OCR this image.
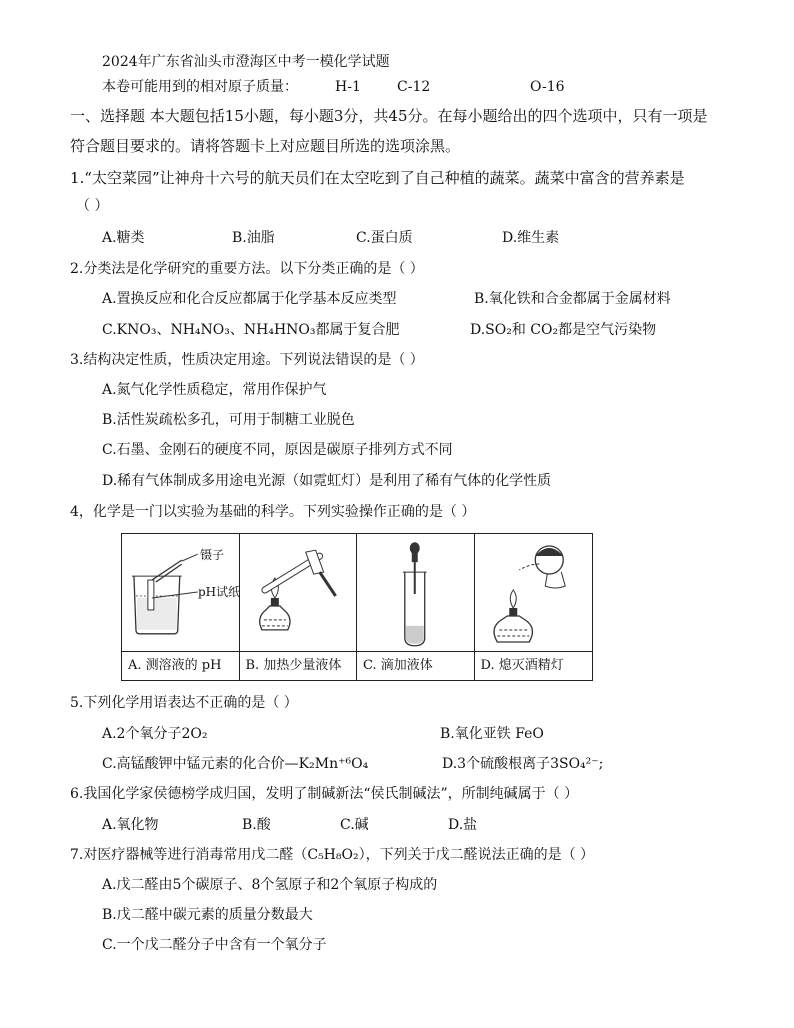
2024年广东省汕头市澄海区中考一模化学试题
本卷可能用到的相对原子质量：	H-1	C-12	O-16
一、选择题 本大题包括15小题，每小题3分，共45分。在每小题给出的四个选项中，只有一项是
符合题目要求的。请将答题卡上对应题目所选的选项涂黑。
1.“太空菜园”让神舟十六号的航天员们在太空吃到了自己种植的蔬菜。蔬菜中富含的营养素是
（ ）
A.糖类	B.油脂	C.蛋白质	D.维生素
2.分类法是化学研究的重要方法。以下分类正确的是（ ）
A.置换反应和化合反应都属于化学基本反应类型	B.氧化铁和合金都属于金属材料
C.KNO₃、NH₄NO₃、NH₄HNO₃都属于复合肥	D.SO₂和 CO₂都是空气污染物
3.结构决定性质，性质决定用途。下列说法错误的是（ ）
A.氮气化学性质稳定，常用作保护气
B.活性炭疏松多孔，可用于制糖工业脱色
C.石墨、金刚石的硬度不同，原因是碳原子排列方式不同
D.稀有气体制成多用途电光源（如霓虹灯）是利用了稀有气体的化学性质
4，化学是一门以实验为基础的科学。下列实验操作正确的是（ ）
镊子
pH试纸
A. 测溶液的 pH	B. 加热少量液体	C. 滴加液体	D. 熄灭酒精灯
5.下列化学用语表达不正确的是（ ）
A.2个氧分子2O₂	B.氧化亚铁 FeO
C.高锰酸钾中锰元素的化合价—K₂Mn⁺⁶O₄	D.3个硫酸根离子3SO₄²⁻;
6.我国化学家侯德榜学成归国，发明了制碱新法“侯氏制碱法”，所制纯碱属于（ ）
A.氧化物	B.酸	C.碱	D.盐
7.对医疗器械等进行消毒常用戊二醛（C₅H₈O₂），下列关于戊二醛说法正确的是（ ）
A.戊二醛由5个碳原子、8个氢原子和2个氧原子构成的
B.戊二醛中碳元素的质量分数最大
C.一个戊二醛分子中含有一个氧分子
